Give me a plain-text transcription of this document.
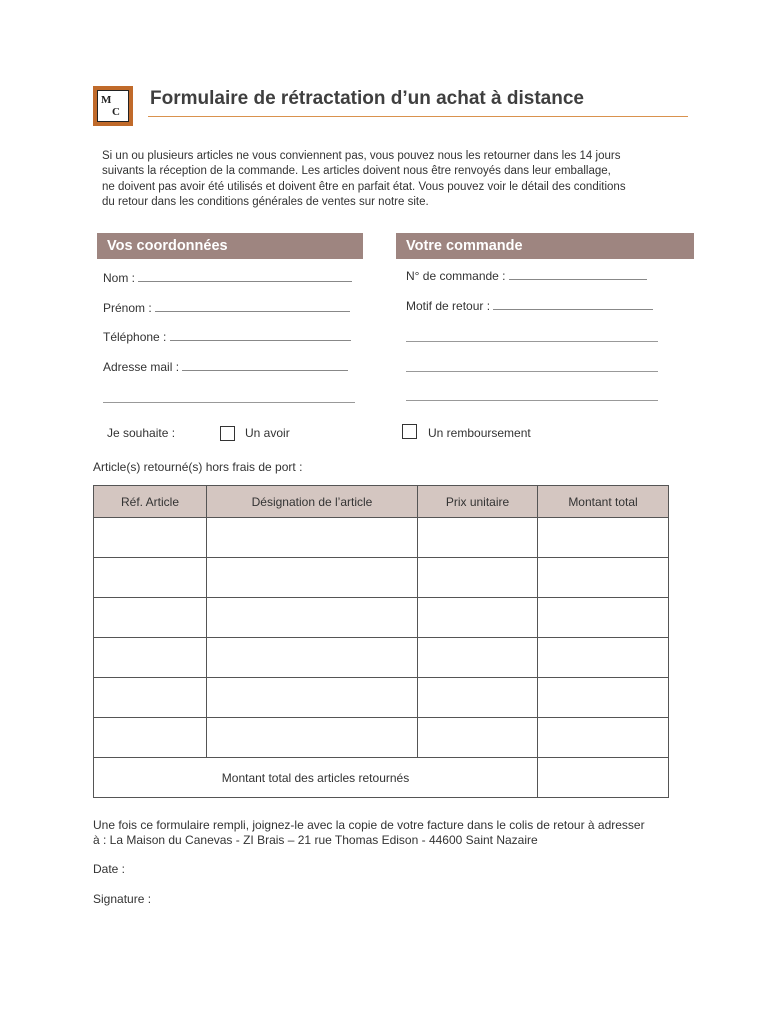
M
C
Formulaire de rétractation d’un achat à distance
Si un ou plusieurs articles ne vous conviennent pas, vous pouvez nous les retourner dans les 14 jours
suivants la réception de la commande. Les articles doivent nous être renvoyés dans leur emballage,
ne doivent pas avoir été utilisés et doivent être en parfait état. Vous pouvez voir le détail des conditions
du retour dans les conditions générales de ventes sur notre site.
Vos coordonnées	Votre commande
Nom :
Prénom :
Téléphone :
Adresse mail :
N° de commande :
Motif de retour :
Je souhaite :	Un avoir	Un remboursement
Article(s) retourné(s) hors frais de port :
Réf. Article	Désignation de l’article	Prix unitaire	Montant total

Montant total des articles retournés			
Une fois ce formulaire rempli, joignez-le avec la copie de votre facture dans le colis de retour à adresser
à : La Maison du Canevas - ZI Brais – 21 rue Thomas Edison - 44600 Saint Nazaire
Date :
Signature :
